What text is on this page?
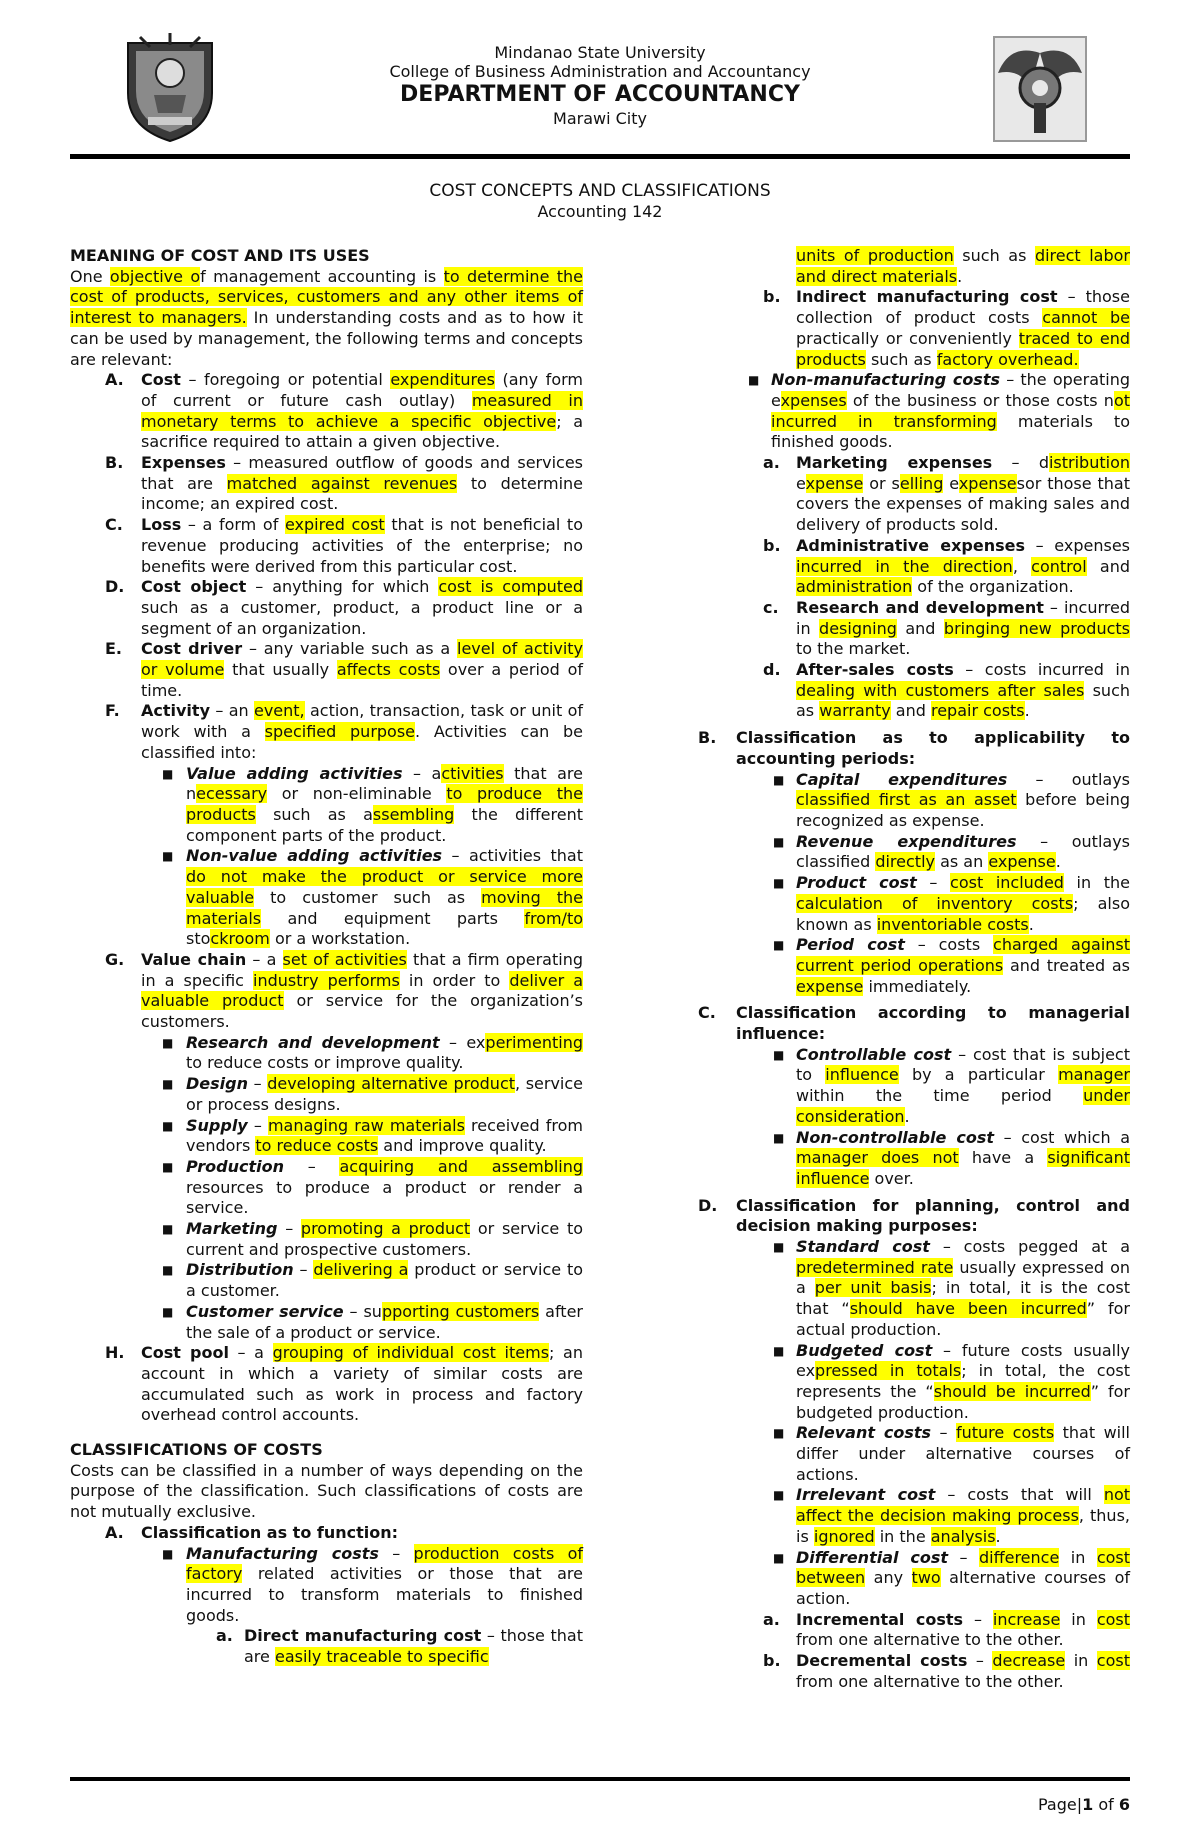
Mindanao State University
College of Business Administration and Accountancy
DEPARTMENT OF ACCOUNTANCY
Marawi City
COST CONCEPTS AND CLASSIFICATIONS
Accounting 142
MEANING OF COST AND ITS USES
One objective of management accounting is to determine the cost of products, services, customers and any other items of interest to managers. In understanding costs and as to how it can be used by management, the following terms and concepts are relevant:
A. Cost – foregoing or potential expenditures (any form of current or future cash outlay) measured in monetary terms to achieve a specific objective; a sacrifice required to attain a given objective.
B. Expenses – measured outflow of goods and services that are matched against revenues to determine income; an expired cost.
C. Loss – a form of expired cost that is not beneficial to revenue producing activities of the enterprise; no benefits were derived from this particular cost.
D. Cost object – anything for which cost is computed such as a customer, product, a product line or a segment of an organization.
E. Cost driver – any variable such as a level of activity or volume that usually affects costs over a period of time.
F. Activity – an event, action, transaction, task or unit of work with a specified purpose. Activities can be classified into:
■ Value adding activities – activities that are necessary or non-eliminable to produce the products such as assembling the different component parts of the product.
■ Non-value adding activities – activities that do not make the product or service more valuable to customer such as moving the materials and equipment parts from/to stockroom or a workstation.
G. Value chain – a set of activities that a firm operating in a specific industry performs in order to deliver a valuable product or service for the organization’s customers.
■ Research and development – experimenting to reduce costs or improve quality.
■ Design – developing alternative product, service or process designs.
■ Supply – managing raw materials received from vendors to reduce costs and improve quality.
■ Production – acquiring and assembling resources to produce a product or render a service.
■ Marketing – promoting a product or service to current and prospective customers.
■ Distribution – delivering a product or service to a customer.
■ Customer service – supporting customers after the sale of a product or service.
H. Cost pool – a grouping of individual cost items; an account in which a variety of similar costs are accumulated such as work in process and factory overhead control accounts.
CLASSIFICATIONS OF COSTS
Costs can be classified in a number of ways depending on the purpose of the classification. Such classifications of costs are not mutually exclusive.
A. Classification as to function:
■ Manufacturing costs – production costs of factory related activities or those that are incurred to transform materials to finished goods.
a. Direct manufacturing cost – those that are easily traceable to specific
units of production such as direct labor and direct materials.
b. Indirect manufacturing cost – those collection of product costs cannot be practically or conveniently traced to end products such as factory overhead.
■ Non-manufacturing costs – the operating expenses of the business or those costs not incurred in transforming materials to finished goods.
a. Marketing expenses – distribution expense or selling expensesor those that covers the expenses of making sales and delivery of products sold.
b. Administrative expenses – expenses incurred in the direction, control and administration of the organization.
c. Research and development – incurred in designing and bringing new products to the market.
d. After-sales costs – costs incurred in dealing with customers after sales such as warranty and repair costs.
B. Classification as to applicability to accounting periods:
■ Capital expenditures – outlays classified first as an asset before being recognized as expense.
■ Revenue expenditures – outlays classified directly as an expense.
■ Product cost – cost included in the calculation of inventory costs; also known as inventoriable costs.
■ Period cost – costs charged against current period operations and treated as expense immediately.
C. Classification according to managerial influence:
■ Controllable cost – cost that is subject to influence by a particular manager within the time period under consideration.
■ Non-controllable cost – cost which a manager does not have a significant influence over.
D. Classification for planning, control and decision making purposes:
■ Standard cost – costs pegged at a predetermined rate usually expressed on a per unit basis; in total, it is the cost that “should have been incurred” for actual production.
■ Budgeted cost – future costs usually expressed in totals; in total, the cost represents the “should be incurred” for budgeted production.
■ Relevant costs – future costs that will differ under alternative courses of actions.
■ Irrelevant cost – costs that will not affect the decision making process, thus, is ignored in the analysis.
■ Differential cost – difference in cost between any two alternative courses of action.
a. Incremental costs – increase in cost from one alternative to the other.
b. Decremental costs – decrease in cost from one alternative to the other.
Page|1 of 6
